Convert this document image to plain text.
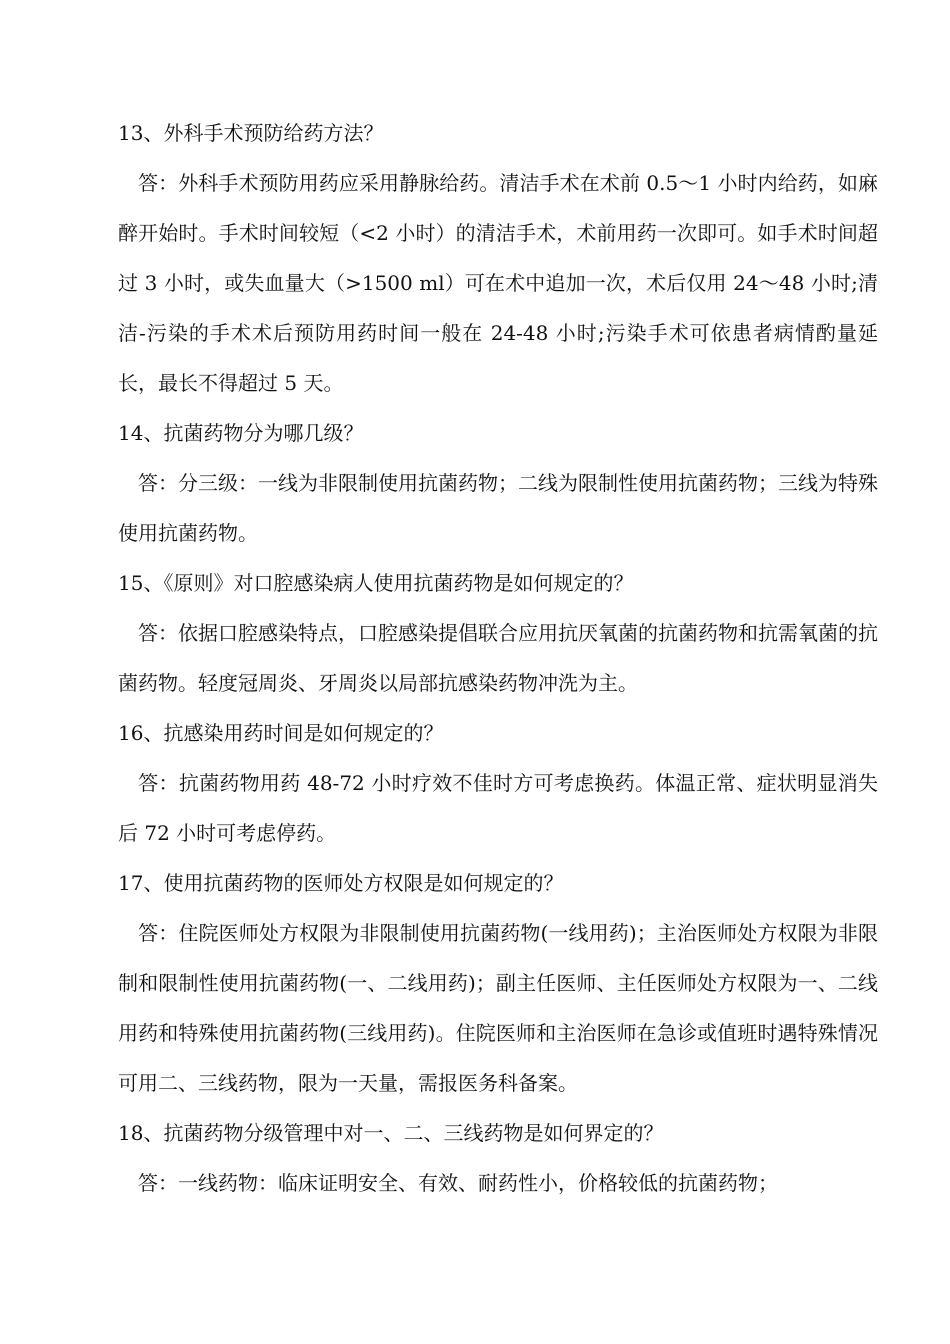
13、外科手术预防给药方法？

答：外科手术预防用药应采用静脉给药。清洁手术在术前 0.5～1 小时内给药，如麻醉开始时。手术时间较短（<2 小时）的清洁手术，术前用药一次即可。如手术时间超过 3 小时，或失血量大（>1500 ml）可在术中追加一次，术后仅用 24～48 小时;清洁-污染的手术术后预防用药时间一般在 24-48 小时;污染手术可依患者病情酌量延长，最长不得超过 5 天。

14、抗菌药物分为哪几级？

答：分三级：一线为非限制使用抗菌药物；二线为限制性使用抗菌药物；三线为特殊使用抗菌药物。

15、《原则》对口腔感染病人使用抗菌药物是如何规定的？

答：依据口腔感染特点，口腔感染提倡联合应用抗厌氧菌的抗菌药物和抗需氧菌的抗菌药物。轻度冠周炎、牙周炎以局部抗感染药物冲洗为主。

16、抗感染用药时间是如何规定的？

答：抗菌药物用药 48-72 小时疗效不佳时方可考虑换药。体温正常、症状明显消失后 72 小时可考虑停药。

17、使用抗菌药物的医师处方权限是如何规定的？

答：住院医师处方权限为非限制使用抗菌药物(一线用药)；主治医师处方权限为非限制和限制性使用抗菌药物(一、二线用药)；副主任医师、主任医师处方权限为一、二线用药和特殊使用抗菌药物(三线用药)。住院医师和主治医师在急诊或值班时遇特殊情况可用二、三线药物，限为一天量，需报医务科备案。

18、抗菌药物分级管理中对一、二、三线药物是如何界定的？

答：一线药物：临床证明安全、有效、耐药性小，价格较低的抗菌药物；
